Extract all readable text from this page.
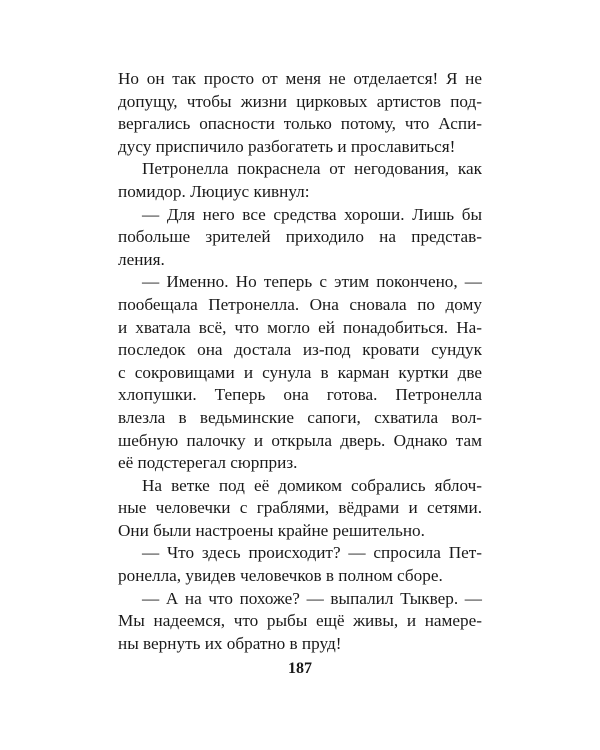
Но он так просто от меня не отделается! Я не
допущу, чтобы жизни цирковых артистов под-
вергались опасности только потому, что Аспи-
дусу приспичило разбогатеть и прославиться!
Петронелла покраснела от негодования, как
помидор. Люциус кивнул:
— Для него все средства хороши. Лишь бы
побольше зрителей приходило на представ-
ления.
— Именно. Но теперь с этим покончено, —
пообещала Петронелла. Она сновала по дому
и хватала всё, что могло ей понадобиться. На-
последок она достала из-под кровати сундук
с сокровищами и сунула в карман куртки две
хлопушки. Теперь она готова. Петронелла
влезла в ведьминские сапоги, схватила вол-
шебную палочку и открыла дверь. Однако там
её подстерегал сюрприз.
На ветке под её домиком собрались яблоч-
ные человечки с граблями, вёдрами и сетями.
Они были настроены крайне решительно.
— Что здесь происходит? — спросила Пет-
ронелла, увидев человечков в полном сборе.
— А на что похоже? — выпалил Тыквер. —
Мы надеемся, что рыбы ещё живы, и намере-
ны вернуть их обратно в пруд!
187
